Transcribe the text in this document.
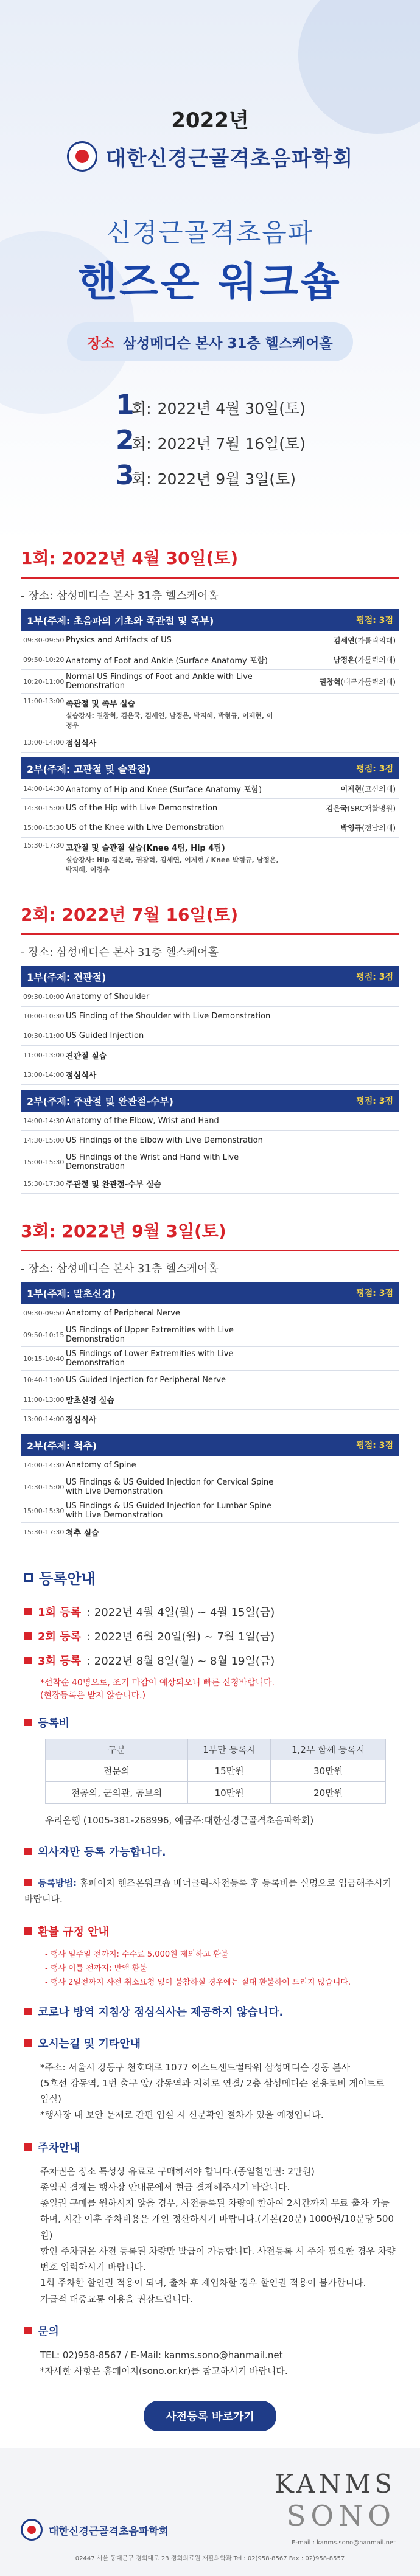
2022년
대한신경근골격초음파학회
신경근골격초음파
핸즈온 워크숍
장소 삼성메디슨 본사 31층 헬스케어홀
1
회: 2022년 4월 30일(토)
2
회: 2022년 7월 16일(토)
3
회: 2022년 9월 3일(토)
1회: 2022년 4월 30일(토)
- 장소: 삼성메디슨 본사 31층 헬스케어홀
1부(주제: 초음파의 기초와 족관절 및 족부)	평점: 3점
09:30-09:50 Physics and Artifacts of US	김세연(가톨릭의대)
09:50-10:20 Anatomy of Foot and Ankle (Surface Anatomy 포함)	남정은(가톨릭의대)
10:20-11:00 Normal US Findings of Foot and Ankle with Live Demonstration	권창혁(대구가톨릭의대)
11:00-13:00 족관절 및 족부 실습
실습강사: 권창혁, 김은국, 김세연, 남정은, 박지혜, 박형규, 이제현, 이정우
13:00-14:00 점심식사
2부(주제: 고관절 및 슬관절)	평점: 3점
14:00-14:30 Anatomy of Hip and Knee (Surface Anatomy 포함)	이제현(고신의대)
14:30-15:00 US of the Hip with Live Demonstration	김은국(SRC재활병원)
15:00-15:30 US of the Knee with Live Demonstration	박영규(전남의대)
15:30-17:30 고관절 및 슬관절 실습(Knee 4팀, Hip 4팀)
실습강사: Hip 김은국, 권창혁, 김세연, 이제현 / Knee 박형규, 남정은, 박지혜, 이정우
2회: 2022년 7월 16일(토)
- 장소: 삼성메디슨 본사 31층 헬스케어홀
1부(주제: 견관절)	평점: 3점
09:30-10:00 Anatomy of Shoulder
10:00-10:30 US Finding of the Shoulder with Live Demonstration
10:30-11:00 US Guided Injection
11:00-13:00 견관절 실습
13:00-14:00 점심식사
2부(주제: 주관절 및 완관절-수부)	평점: 3점
14:00-14:30 Anatomy of the Elbow, Wrist and Hand
14:30-15:00 US Findings of the Elbow with Live Demonstration
15:00-15:30 US Findings of the Wrist and Hand with Live Demonstration
15:30-17:30 주관절 및 완관절-수부 실습
3회: 2022년 9월 3일(토)
- 장소: 삼성메디슨 본사 31층 헬스케어홀
1부(주제: 말초신경)	평점: 3점
09:30-09:50 Anatomy of Peripheral Nerve
09:50-10:15 US Findings of Upper Extremities with Live Demonstration
10:15-10:40 US Findings of Lower Extremities with Live Demonstration
10:40-11:00 US Guided Injection for Peripheral Nerve
11:00-13:00 말초신경 실습
13:00-14:00 점심식사
2부(주제: 척추)	평점: 3점
14:00-14:30 Anatomy of Spine
14:30-15:00 US Findings & US Guided Injection for Cervical Spine with Live Demonstration
15:00-15:30 US Findings & US Guided Injection for Lumbar Spine with Live Demonstration
15:30-17:30 척추 실습
등록안내
1회 등록 : 2022년 4월 4일(월) ~ 4월 15일(금)
2회 등록 : 2022년 6월 20일(월) ~ 7월 1일(금)
3회 등록 : 2022년 8월 8일(월) ~ 8월 19일(금)
*선착순 40명으로, 조기 마감이 예상되오니 빠른 신청바랍니다.
(현장등록은 받지 않습니다.)
등록비
구분	1부만 등록시	1,2부 함께 등록시
전문의	15만원	30만원
전공의, 군의관, 공보의	10만원	20만원
우리은행 (1005-381-268996, 예금주:대한신경근골격초음파학회)
의사자만 등록 가능합니다.
등록방법: 홈페이지 핸즈온워크숍 배너클릭-사전등록 후 등록비를 실명으로 입금해주시기 바랍니다.
환불 규정 안내
- 행사 일주일 전까지: 수수료 5,000원 제외하고 환불
- 행사 이틀 전까지: 반액 환불
- 행사 2일전까지 사전 취소요청 없이 불참하실 경우에는 절대 환불하여 드리지 않습니다.
코로나 방역 지침상 점심식사는 제공하지 않습니다.
오시는길 및 기타안내
*주소: 서울시 강동구 천호대로 1077 이스트센트럴타워 삼성메디슨 강동 본사
(5호선 강동역, 1번 출구 앞/ 강동역과 지하로 연결/ 2층 삼성메디슨 전용로비 게이트로 입실)
*행사장 내 보안 문제로 간편 입실 시 신분확인 절차가 있을 예정입니다.
주차안내
주차권은 장소 특성상 유료로 구매하셔야 합니다.(종일할인권: 2만원)
종일권 결제는 행사장 안내문에서 현금 결제해주시기 바랍니다.
종일권 구매를 원하시지 않을 경우, 사전등록된 차량에 한하여 2시간까지 무료 출차 가능하며, 시간 이후 주차비용은 개인 정산하시기 바랍니다.(기본(20분) 1000원/10분당 500원)
할인 주차권은 사전 등록된 차량만 발급이 가능합니다. 사전등록 시 주차 필요한 경우 차량번호 입력하시기 바랍니다.
1회 주차한 할인권 적용이 되며, 출차 후 재입차할 경우 할인권 적용이 불가합니다.
가급적 대중교통 이용을 권장드립니다.
문의
TEL: 02)958-8567 / E-Mail: kanms.sono@hanmail.net
*자세한 사항은 홈페이지(sono.or.kr)를 참고하시기 바랍니다.
사전등록 바로가기
KANMS
SONO
대한신경근골격초음파학회
E-mail : kanms.sono@hanmail.net
02447 서울 동대문구 경희대로 23 경희의료원 재활의학과 Tel : 02)958-8567 Fax : 02)958-8557
